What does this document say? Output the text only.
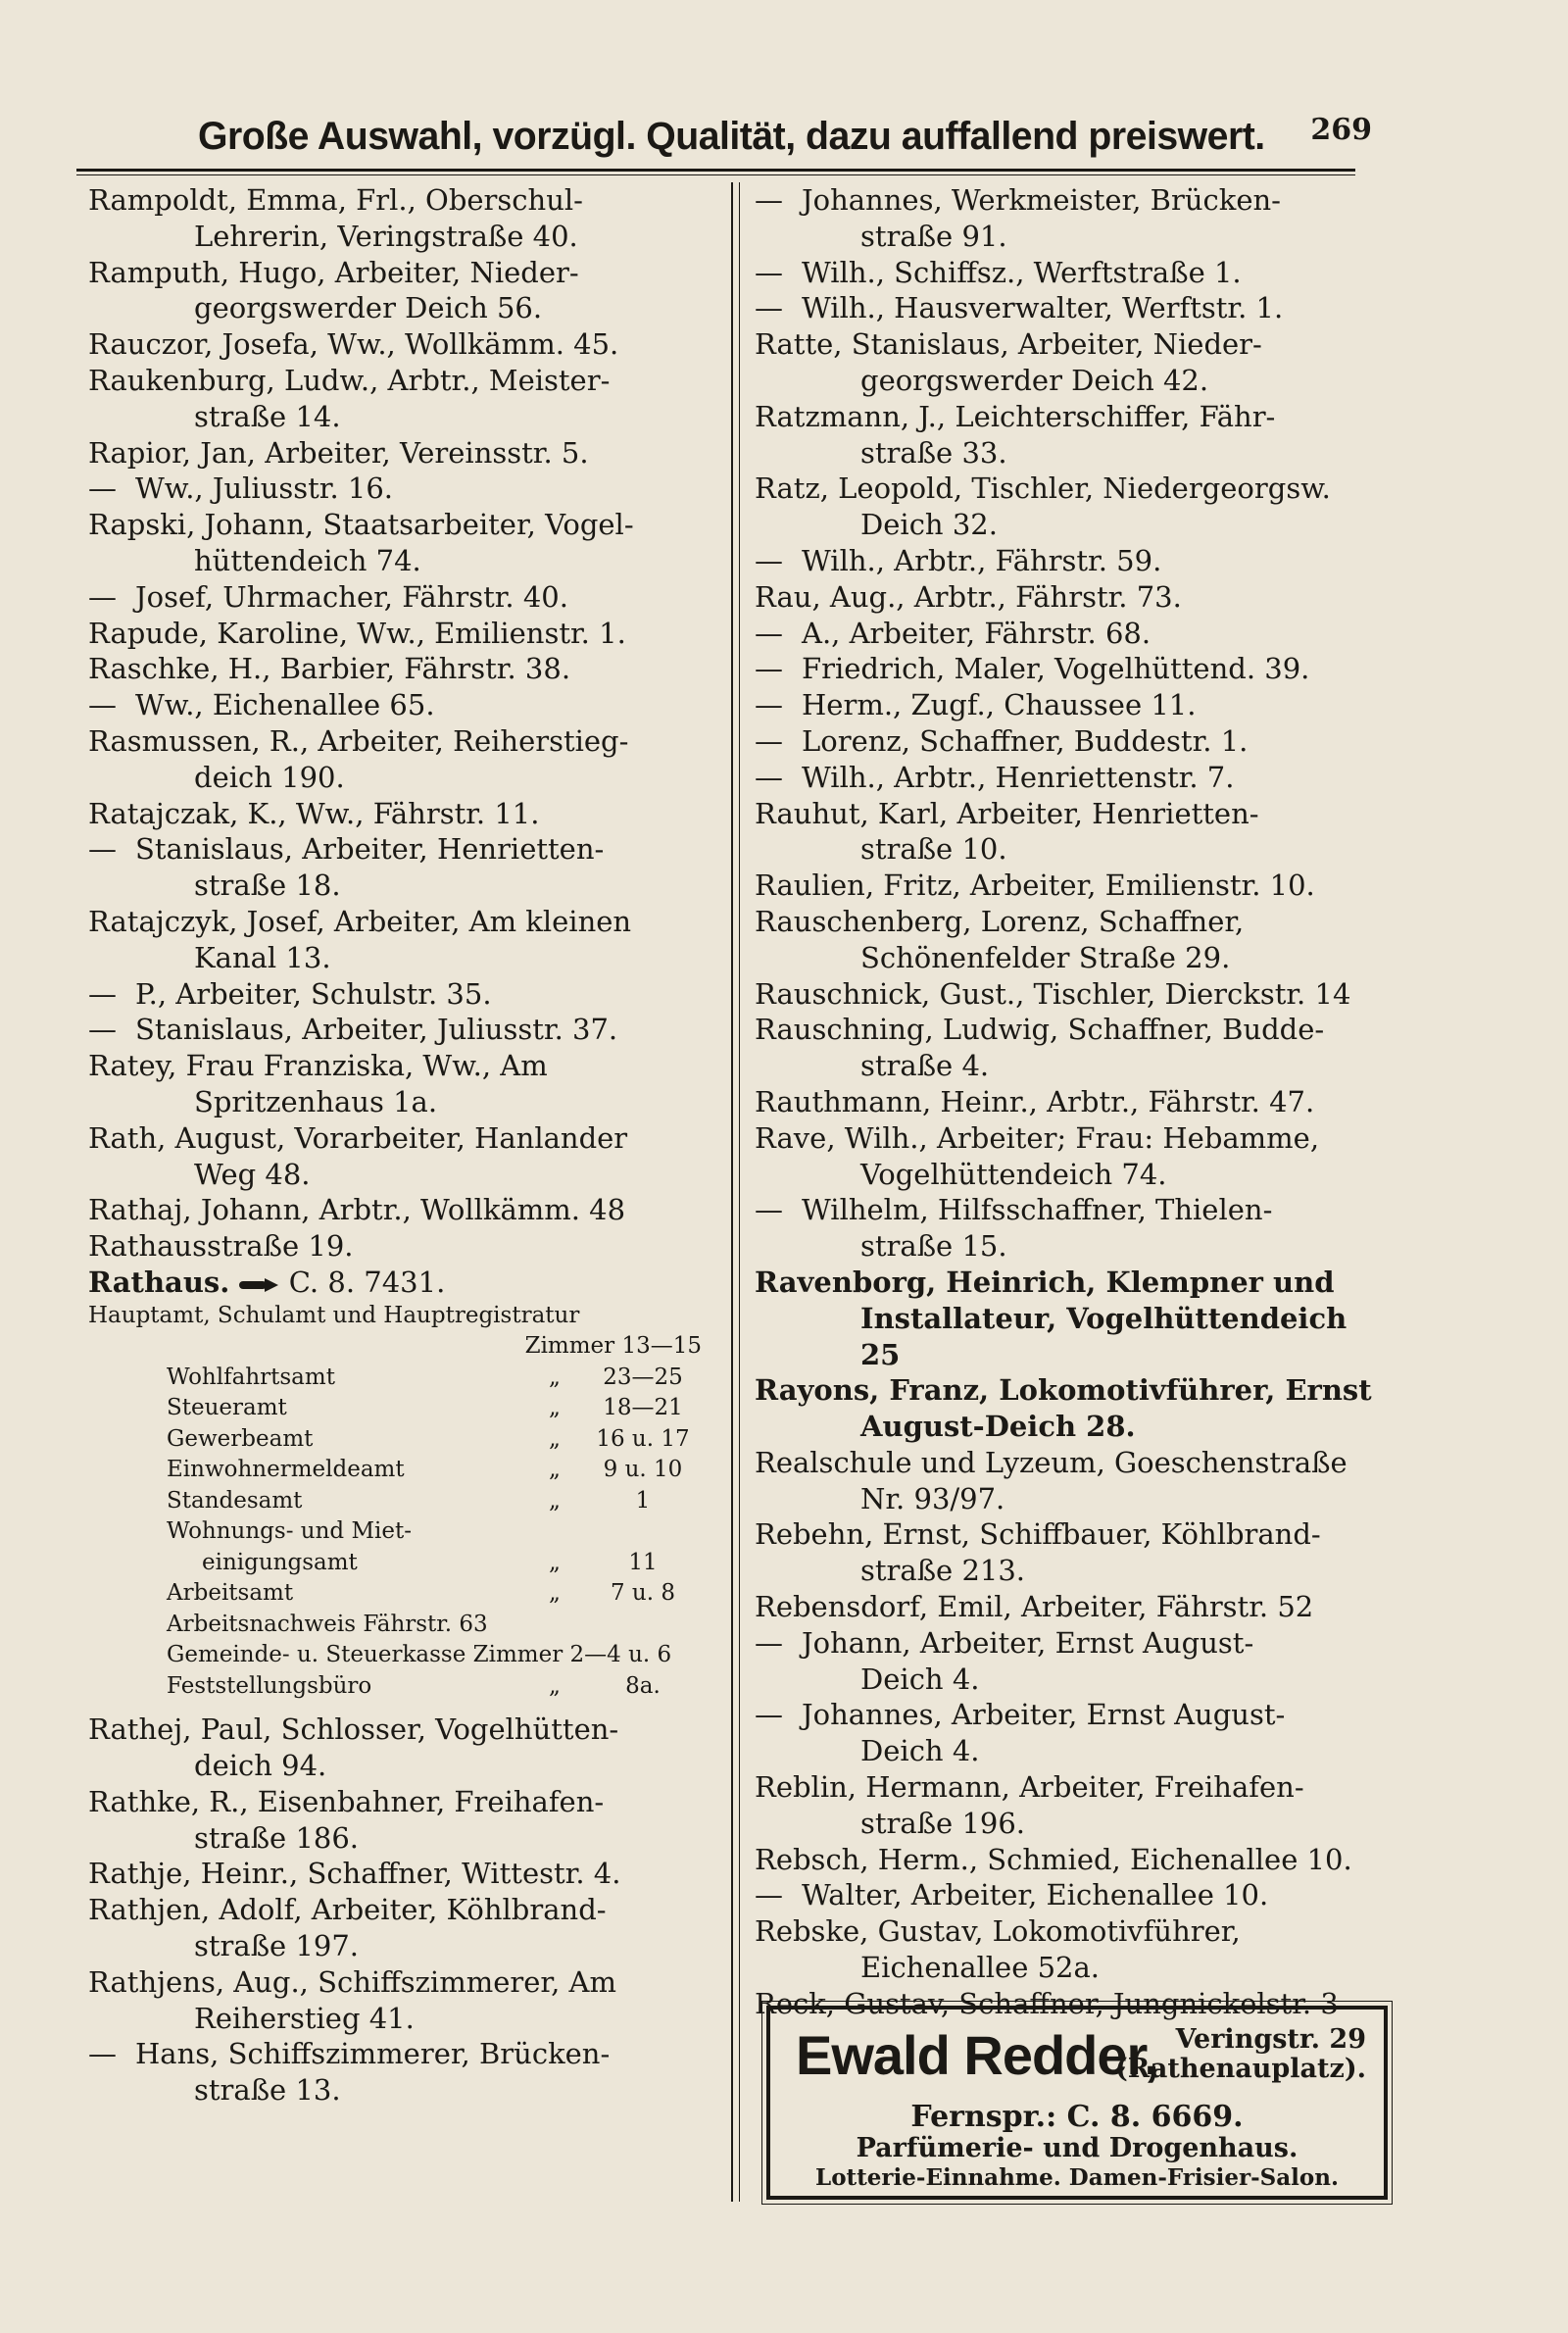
Große Auswahl, vorzügl. Qualität, dazu auffallend preiswert. 269

Rampoldt, Emma, Frl., Oberschul-
Lehrerin, Veringstraße 40.

Ramputh, Hugo, Arbeiter, Nieder-
georgswerder Deich 56.

Rauczor, Josefa, Ww., Wollkämm. 45.

Raukenburg, Ludw., Arbtr., Meister-
straße 14.

Rapior, Jan, Arbeiter, Vereinsstr. 5.

— Ww., Juliusstr. 16.

Rapski, Johann, Staatsarbeiter, Vogel-
hüttendeich 74.

— Josef, Uhrmacher, Fährstr. 40.

Rapude, Karoline, Ww., Emilienstr. 1.

Raschke, H., Barbier, Fährstr. 38.

— Ww., Eichenallee 65.

Rasmussen, R., Arbeiter, Reiherstieg-
deich 190.

Ratajczak, K., Ww., Fährstr. 11.

— Stanislaus, Arbeiter, Henrietten-
straße 18.

Ratajczyk, Josef, Arbeiter, Am kleinen
Kanal 13.

— P., Arbeiter, Schulstr. 35.

— Stanislaus, Arbeiter, Juliusstr. 37.

Ratey, Frau Franziska, Ww., Am
Spritzenhaus 1a.

Rath, August, Vorarbeiter, Hanlander
Weg 48.

Rathaj, Johann, Arbtr., Wollkämm. 48

Rathausstraße 19.

Rathaus. C. 8. 7431.
Hauptamt, Schulamt und Hauptregistratur
Zimmer 13—15
Wohlfahrtsamt	„	23—25
Steueramt	„	18—21
Gewerbeamt	„	16 u. 17
Einwohnermeldeamt	„	9 u. 10
Standesamt	„	1
Wohnungs- und Miet-
einigungsamt	„	11
Arbeitsamt	„	7 u. 8
Arbeitsnachweis Fährstr. 63
Gemeinde- u. Steuerkasse Zimmer 2—4 u. 6
Feststellungsbüro	„	8a.

Rathej, Paul, Schlosser, Vogelhütten-
deich 94.

Rathke, R., Eisenbahner, Freihafen-
straße 186.

Rathje, Heinr., Schaffner, Wittestr. 4.

Rathjen, Adolf, Arbeiter, Köhlbrand-
straße 197.

Rathjens, Aug., Schiffszimmerer, Am
Reiherstieg 41.

— Hans, Schiffszimmerer, Brücken-
straße 13.

— Johannes, Werkmeister, Brücken-
straße 91.

— Wilh., Schiffsz., Werftstraße 1.

— Wilh., Hausverwalter, Werftstr. 1.

Ratte, Stanislaus, Arbeiter, Nieder-
georgswerder Deich 42.

Ratzmann, J., Leichterschiffer, Fähr-
straße 33.

Ratz, Leopold, Tischler, Niedergeorgsw.
Deich 32.

— Wilh., Arbtr., Fährstr. 59.

Rau, Aug., Arbtr., Fährstr. 73.

— A., Arbeiter, Fährstr. 68.

— Friedrich, Maler, Vogelhüttend. 39.

— Herm., Zugf., Chaussee 11.

— Lorenz, Schaffner, Buddestr. 1.

— Wilh., Arbtr., Henriettenstr. 7.

Rauhut, Karl, Arbeiter, Henrietten-
straße 10.

Raulien, Fritz, Arbeiter, Emilienstr. 10.

Rauschenberg, Lorenz, Schaffner,
Schönenfelder Straße 29.

Rauschnick, Gust., Tischler, Dierckstr. 14

Rauschning, Ludwig, Schaffner, Budde-
straße 4.

Rauthmann, Heinr., Arbtr., Fährstr. 47.

Rave, Wilh., Arbeiter; Frau: Hebamme,
Vogelhüttendeich 74.

— Wilhelm, Hilfsschaffner, Thielen-
straße 15.

Ravenborg, Heinrich, Klempner und
Installateur, Vogelhüttendeich 25

Rayons, Franz, Lokomotivführer, Ernst
August-Deich 28.

Realschule und Lyzeum, Goeschenstraße
Nr. 93/97.

Rebehn, Ernst, Schiffbauer, Köhlbrand-
straße 213.

Rebensdorf, Emil, Arbeiter, Fährstr. 52

— Johann, Arbeiter, Ernst August-
Deich 4.

— Johannes, Arbeiter, Ernst August-
Deich 4.

Reblin, Hermann, Arbeiter, Freihafen-
straße 196.

Rebsch, Herm., Schmied, Eichenallee 10.

— Walter, Arbeiter, Eichenallee 10.

Rebske, Gustav, Lokomotivführer,
Eichenallee 52a.

Reck, Gustav, Schaffner, Jungnickelstr. 3

Ewald Redder, Veringstr. 29
(Rathenauplatz).
Fernspr.: C. 8. 6669.
Parfümerie- und Drogenhaus.
Lotterie-Einnahme. Damen-Frisier-Salon.
